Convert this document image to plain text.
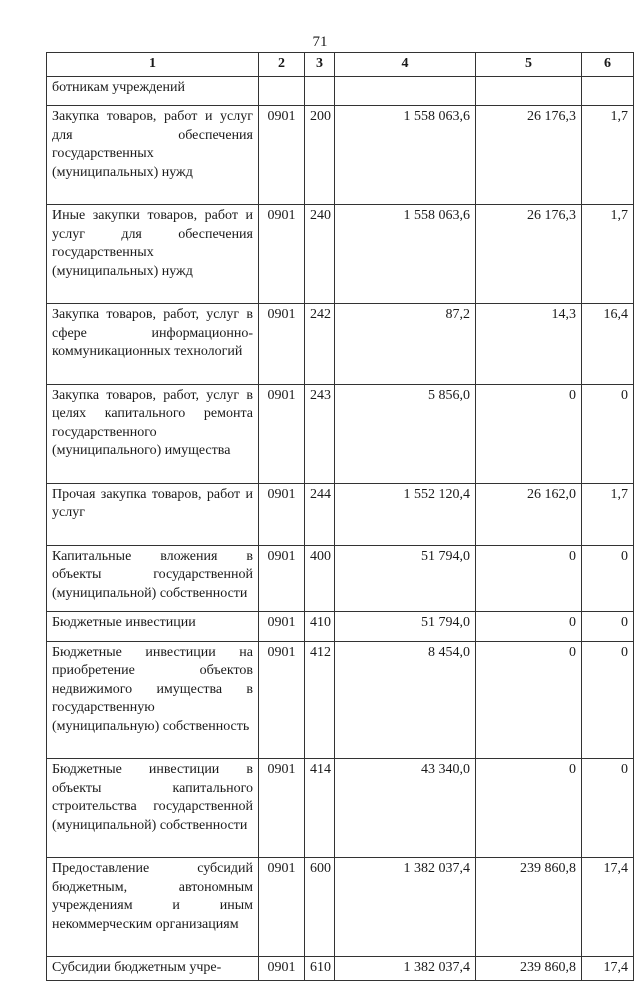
71
1	2	3	4	5	6
ботникам учреждений					
Закупка товаров, работ и услуг для обеспечения государственных (муниципальных) нужд	0901	200	1 558 063,6	26 176,3	1,7
Иные закупки товаров, работ и услуг для обеспечения государственных (муниципальных) нужд	0901	240	1 558 063,6	26 176,3	1,7
Закупка товаров, работ, услуг в сфере информационно-коммуникационных технологий	0901	242	87,2	14,3	16,4
Закупка товаров, работ, услуг в целях капитального ремонта государственного (муниципального) имущества	0901	243	5 856,0	0	0
Прочая закупка товаров, работ и услуг	0901	244	1 552 120,4	26 162,0	1,7
Капитальные вложения в объекты государственной (муниципальной) собственности	0901	400	51 794,0	0	0
Бюджетные инвестиции	0901	410	51 794,0	0	0
Бюджетные инвестиции на приобретение объектов недвижимого имущества в государственную (муниципальную) собственность	0901	412	8 454,0	0	0
Бюджетные инвестиции в объекты капитального строительства государственной (муниципальной) собственности	0901	414	43 340,0	0	0
Предоставление субсидий бюджетным, автономным учреждениям и иным некоммерческим организациям	0901	600	1 382 037,4	239 860,8	17,4
Субсидии бюджетным учре-	0901	610	1 382 037,4	239 860,8	17,4
